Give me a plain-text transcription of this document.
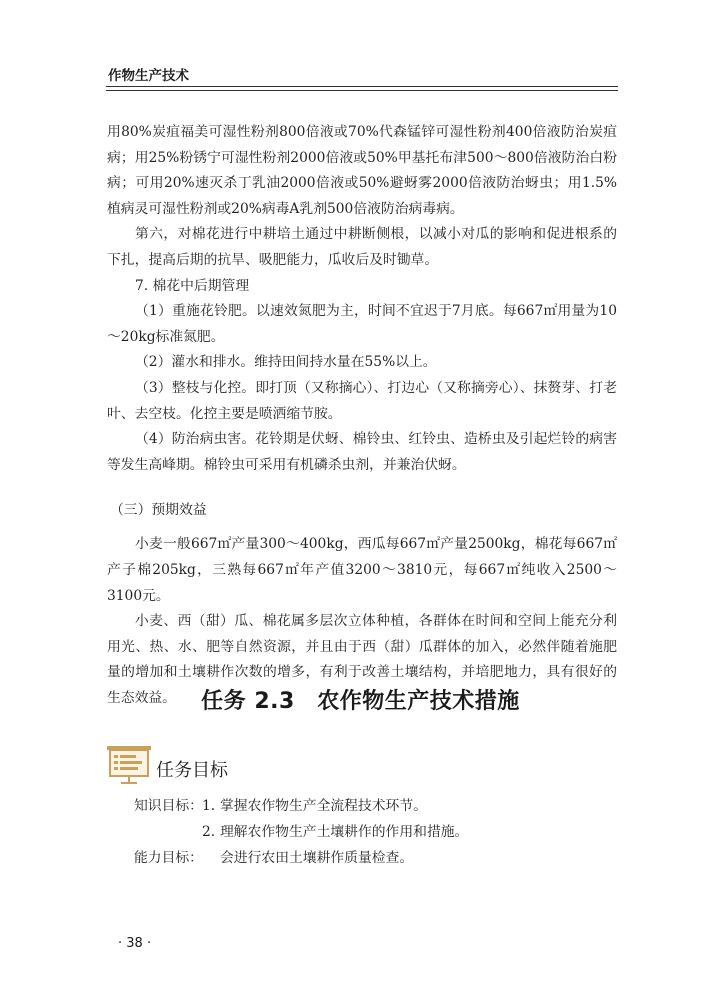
作物生产技术

用80%炭疽福美可湿性粉剂800倍液或70%代森锰锌可湿性粉剂400倍液防治炭疽病；用25%粉锈宁可湿性粉剂2000倍液或50%甲基托布津500～800倍液防治白粉病；可用20%速灭杀丁乳油2000倍液或50%避蚜雾2000倍液防治蚜虫；用1.5%植病灵可湿性粉剂或20%病毒A乳剂500倍液防治病毒病。

第六，对棉花进行中耕培土通过中耕断侧根，以减小对瓜的影响和促进根系的下扎，提高后期的抗旱、吸肥能力，瓜收后及时锄草。

7. 棉花中后期管理

（1）重施花铃肥。以速效氮肥为主，时间不宜迟于7月底。每667㎡用量为10～20kg标准氮肥。

（2）灌水和排水。维持田间持水量在55%以上。

（3）整枝与化控。即打顶（又称摘心）、打边心（又称摘旁心）、抹赘芽、打老叶、去空枝。化控主要是喷洒缩节胺。

（4）防治病虫害。花铃期是伏蚜、棉铃虫、红铃虫、造桥虫及引起烂铃的病害等发生高峰期。棉铃虫可采用有机磷杀虫剂，并兼治伏蚜。

（三）预期效益

小麦一般667㎡产量300～400kg，西瓜每667㎡产量2500kg，棉花每667㎡产子棉205kg，三熟每667㎡年产值3200～3810元，每667㎡纯收入2500～3100元。

小麦、西（甜）瓜、棉花属多层次立体种植，各群体在时间和空间上能充分利用光、热、水、肥等自然资源，并且由于西（甜）瓜群体的加入，必然伴随着施肥量的增加和土壤耕作次数的增多，有利于改善土壤结构，并培肥地力，具有很好的生态效益。	任务 2.3　农作物生产技术措施
任务目标
知识目标：1. 掌握农作物生产全流程技术环节。
2. 理解农作物生产土壤耕作的作用和措施。
能力目标： 会进行农田土壤耕作质量检查。
· 38 ·
